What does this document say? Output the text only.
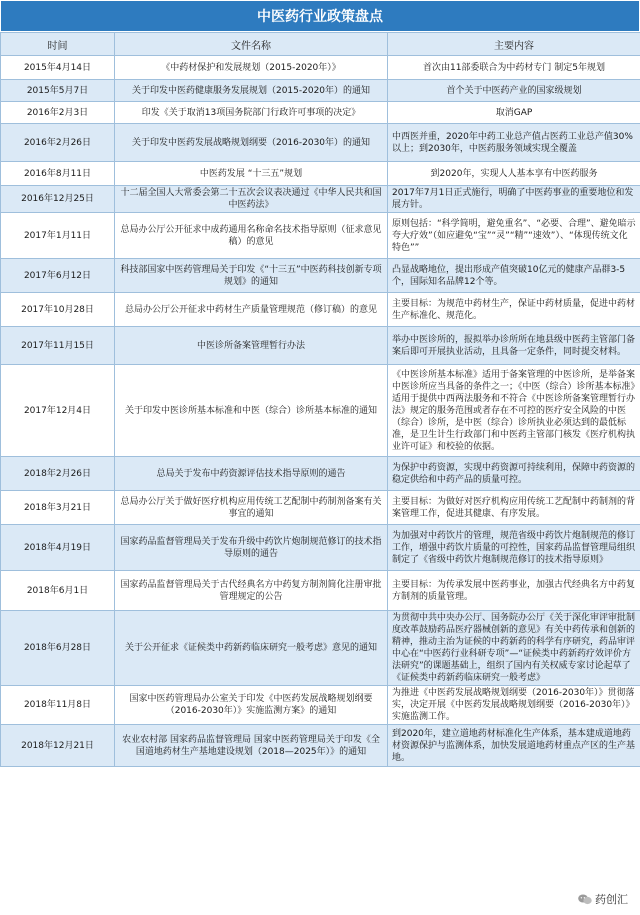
中医药行业政策盘点
时间	文件名称	主要内容
2015年4月14日	《中药材保护和发展规划（2015-2020年）》	首次由11部委联合为中药材专门 制定5年规划
2015年5月7日	关于印发中医药健康服务发展规划（2015-2020年）的通知	首个关于中医药产业的国家级规划
2016年2月3日	印发《关于取消13项国务院部门行政许可事项的决定》	取消GAP
2016年2月26日	关于印发中医药发展战略规划纲要（2016-2030年）的通知	中西医并重，2020年中药工业总产值占医药工业总产值30%以上；到2030年，中医药服务领域实现全覆盖
2016年8月11日	中医药发展 “十三五”规划	到2020年，实现人人基本享有中医药服务
2016年12月25日	十二届全国人大常委会第二十五次会议表决通过《中华人民共和国中医药法》	2017年7月1日正式施行，明确了中医药事业的重要地位和发展方针。
2017年1月11日	总局办公厅公开征求中成药通用名称命名技术指导原则（征求意见稿）的意见	原则包括：“科学简明，避免重名”、“必要、合理”、避免暗示夸大疗效”（如应避免“宝”“灵”“精”“速效”）、“体现传统文化特色””
2017年6月12日	科技部国家中医药管理局关于印发《“十三五”中医药科技创新专项规划》的通知	凸显战略地位，提出形成产值突破10亿元的健康产品群3-5个，国际知名品牌12个等。
2017年10月28日	总局办公厅公开征求中药材生产质量管理规范（修订稿）的意见	主要目标：为规范中药材生产，保证中药材质量，促进中药材生产标准化、规范化。
2017年11月15日	中医诊所备案管理暂行办法	举办中医诊所的，报拟举办诊所所在地县级中医药主管部门备案后即可开展执业活动，且具备一定条件，同时提交材料。
2017年12月4日	关于印发中医诊所基本标准和中医（综合）诊所基本标准的通知	《中医诊所基本标准》适用于备案管理的中医诊所，是举备案中医诊所应当具备的条件之一；《中医（综合）诊所基本标准》适用于提供中西两法服务和不符合《中医诊所备案管理暂行办法》规定的服务范围或者存在不可控的医疗安全风险的中医（综合）诊所，是中医（综合）诊所执业必须达到的最低标准，是卫生计生行政部门和中医药主管部门核发《医疗机构执业许可证》和校验的依据。
2018年2月26日	总局关于发布中药资源评估技术指导原则的通告	为保护中药资源，实现中药资源可持续利用，保障中药资源的稳定供给和中药产品的质量可控。
2018年3月21日	总局办公厅关于做好医疗机构应用传统工艺配制中药制剂备案有关事宜的通知	主要目标：为做好对医疗机构应用传统工艺配制中药制剂的背案管理工作，促进其健康、有序发展。
2018年4月19日	国家药品监督管理局关于发布升级中药饮片炮制规范修订的技术指导原则的通告	为加强对中药饮片的管理，规范省级中药饮片炮制规范的修订工作，增强中药饮片质量的可控性，国家药品监督管理局组织制定了《省级中药饮片炮制规范修订的技术指导原则》
2018年6月1日	国家药品监督管理局关于古代经典名方中药复方制剂简化注册审批管理规定的公告	主要目标：为传承发展中医药事业，加强古代经典名方中药复方制剂的质量管理。
2018年6月28日	关于公开征求《证候类中药新药临床研究一般考虑》意见的通知	为贯彻中共中央办公厅、国务院办公厅《关于深化审评审批制度改革鼓励药品医疗器械创新的意见》有关中药传承和创新的精神，推动主治为证候的中药新药的科学有序研究，药品审评中心在“中医药行业科研专项”—“证候类中药新药疗效评价方法研究”的课题基础上，组织了国内有关权威专家讨论起草了《证候类中药新药临床研究一般考虑》
2018年11月8日	国家中医药管理局办公室关于印发《中医药发展战略规划纲要（2016-2030年）》实施监测方案》的通知	为推进《中医药发展战略规划纲要（2016-2030年）》贯彻落实，决定开展《中医药发展战略规划纲要（2016-2030年）》实施监测工作。
2018年12月21日	农业农村部 国家药品监督管理局 国家中医药管理局关于印发《全国道地药材生产基地建设规划（2018—2025年）》的通知	到2020年，建立道地药材标准化生产体系，基本建成道地药材资源保护与监测体系，加快发展道地药材重点产区的生产基地。
药创汇
